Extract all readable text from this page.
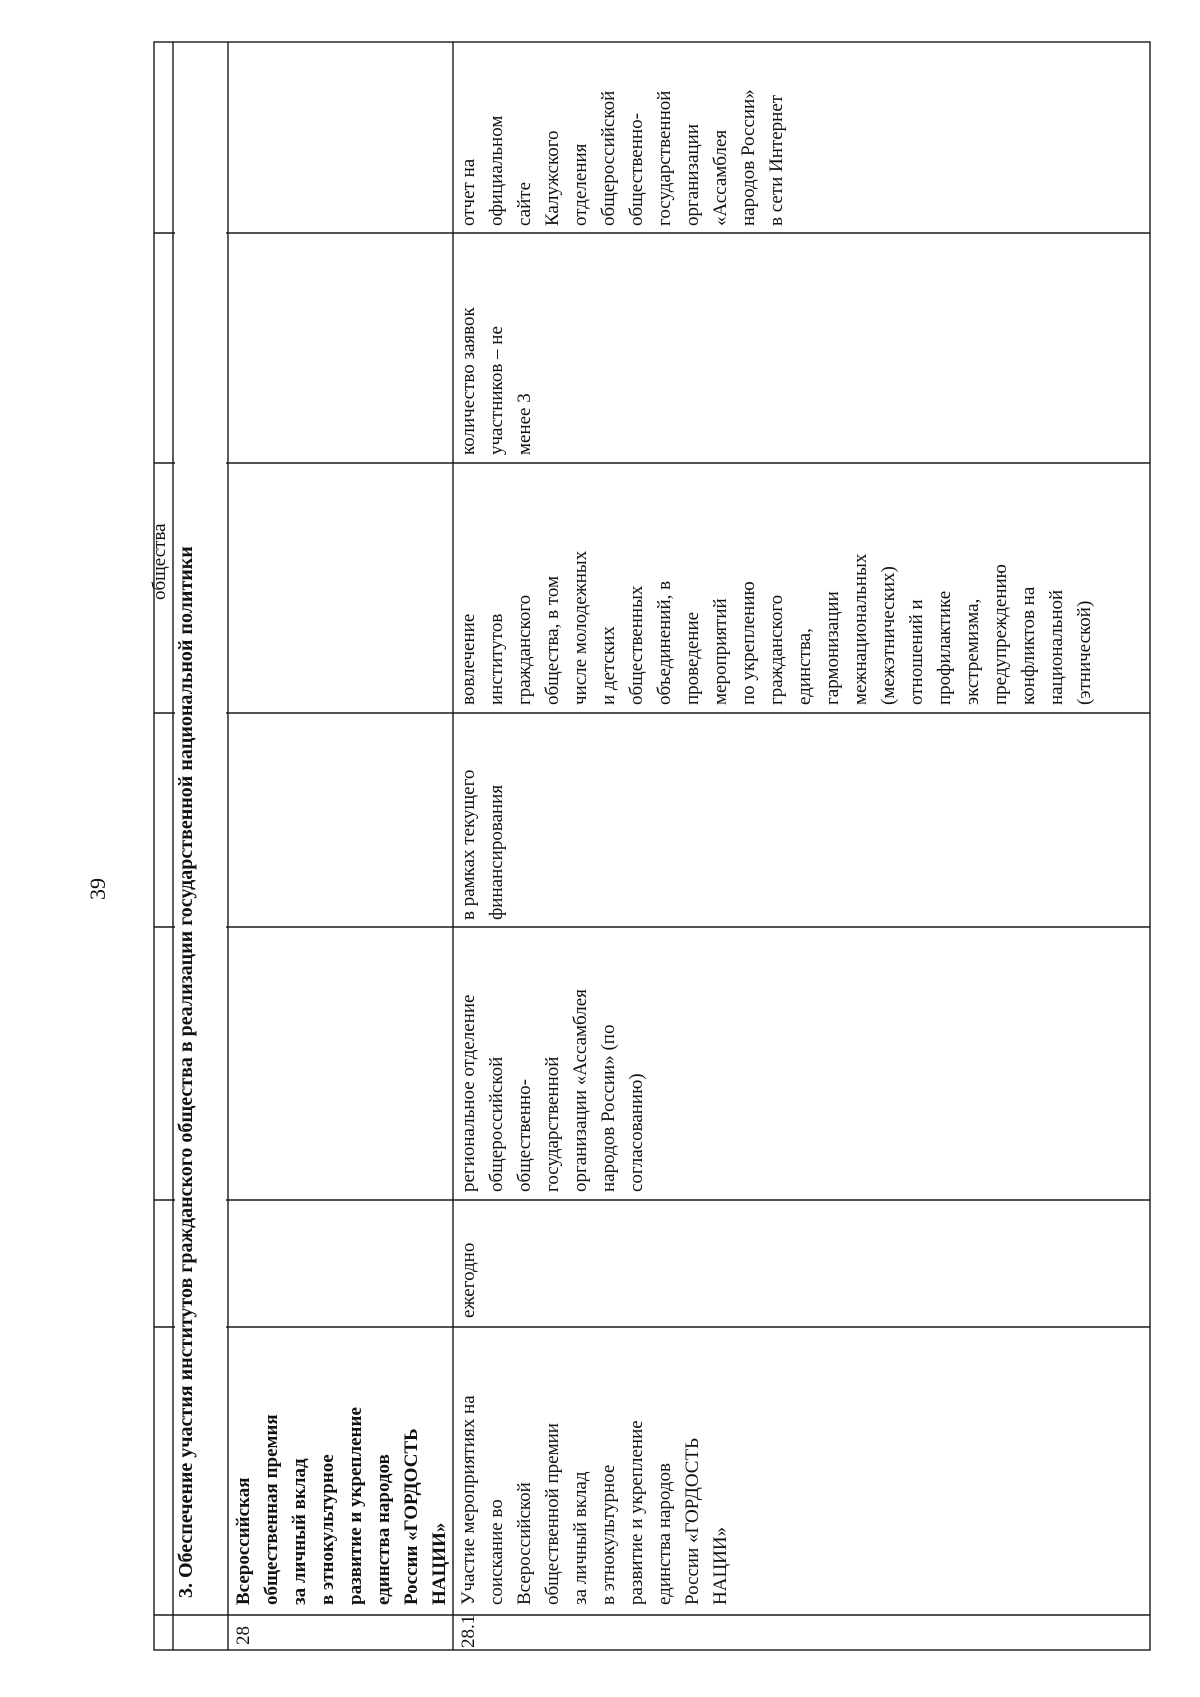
39
общества 3. Обеспечение участия институтов гражданского общества в реализации государственной национальной политики
28
Всероссийская общественная премия за личный вклад в этнокультурное развитие и укрепление единства народов России «ГОРДОСТЬ НАЦИИ»
28.1
Участие мероприятиях на соискание во Всероссийской общественной премии за личный вклад в этнокультурное развитие и укрепление единства народов России «ГОРДОСТЬ НАЦИИ»
ежегодно
региональное отделение общероссийской общественно- государственной организации «Ассамблея народов России» (по согласованию)
в рамках текущего финансирования
вовлечение институтов гражданского общества, в том числе молодежных и детских общественных объединений, в проведение мероприятий по укреплению гражданского единства, гармонизации межнациональных (межэтнических) отношений и профилактике экстремизма, предупреждению конфликтов на национальной (этнической)
количество заявок участников – не менее 3
отчет на официальном сайте Калужского отделения общероссийской общественно- государственной организации «Ассамблея народов России» в сети Интернет
